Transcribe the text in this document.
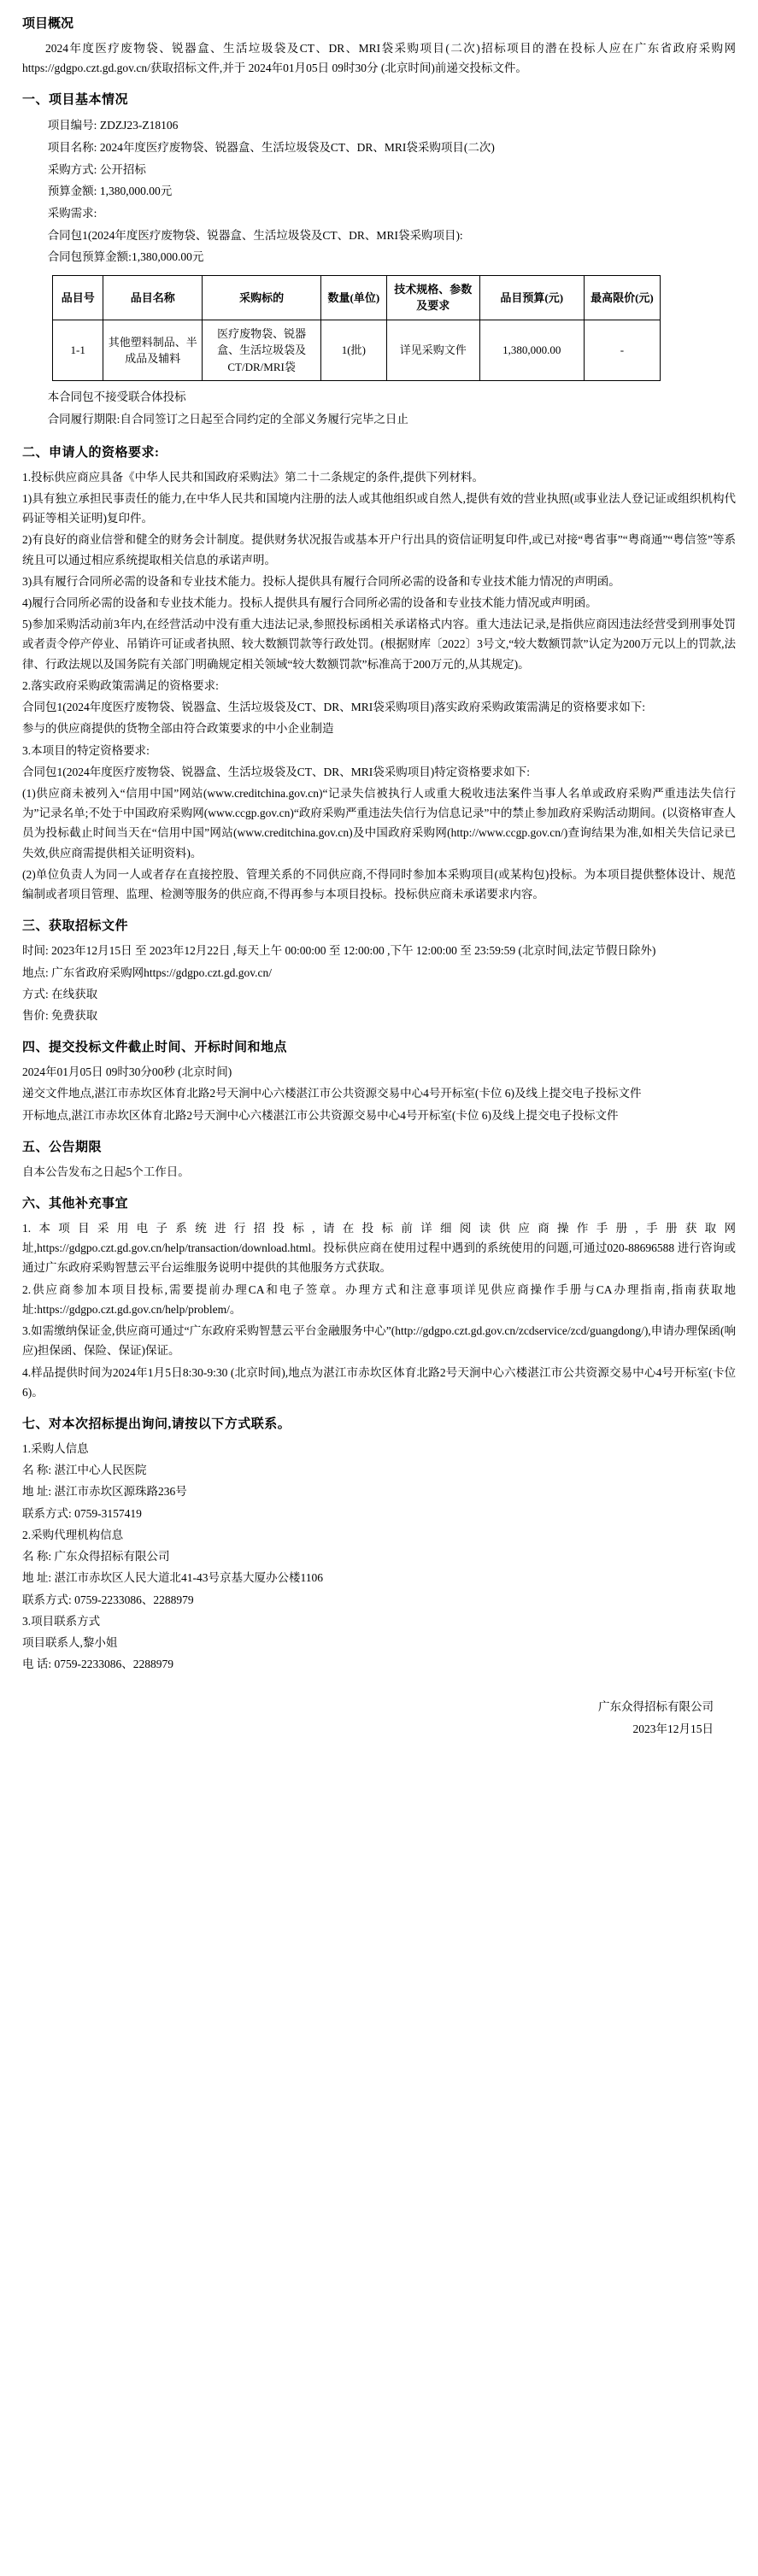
项目概况

2024年度医疗废物袋、锐器盒、生活垃圾袋及CT、DR、MRI袋采购项目(二次)招标项目的潜在投标人应在广东省政府采购网https://gdgpo.czt.gd.gov.cn/获取招标文件,并于 2024年01月05日 09时30分 (北京时间)前递交投标文件。

一、项目基本情况
项目编号: ZDZJ23-Z18106
项目名称: 2024年度医疗废物袋、锐器盒、生活垃圾袋及CT、DR、MRI袋采购项目(二次)
采购方式: 公开招标
预算金额: 1,380,000.00元
采购需求:
合同包1(2024年度医疗废物袋、锐器盒、生活垃圾袋及CT、DR、MRI袋采购项目):
合同包预算金额:1,380,000.00元
品目号	品目名称	采购标的	数量(单位)	技术规格、参数及要求	品目预算(元)	最高限价(元)
1-1	其他塑料制品、半成品及辅料	医疗废物袋、锐器盒、生活垃圾袋及CT/DR/MRI袋	1(批)	详见采购文件	1,380,000.00	-
本合同包不接受联合体投标
合同履行期限:自合同签订之日起至合同约定的全部义务履行完毕之日止
二、申请人的资格要求:

1.投标供应商应具备《中华人民共和国政府采购法》第二十二条规定的条件,提供下列材料。

1)具有独立承担民事责任的能力,在中华人民共和国境内注册的法人或其他组织或自然人,提供有效的营业执照(或事业法人登记证或组织机构代码证等相关证明)复印件。

2)有良好的商业信誉和健全的财务会计制度。提供财务状况报告或基本开户行出具的资信证明复印件,或已对接“粤省事”“粤商通”“粤信签”等系统且可以通过相应系统提取相关信息的承诺声明。

3)具有履行合同所必需的设备和专业技术能力。投标人提供具有履行合同所必需的设备和专业技术能力情况的声明函。

4)履行合同所必需的设备和专业技术能力。投标人提供具有履行合同所必需的设备和专业技术能力情况或声明函。

5)参加采购活动前3年内,在经营活动中没有重大违法记录,参照投标函相关承诺格式内容。重大违法记录,是指供应商因违法经营受到刑事处罚或者责令停产停业、吊销许可证或者执照、较大数额罚款等行政处罚。(根据财库〔2022〕3号文,“较大数额罚款”认定为200万元以上的罚款,法律、行政法规以及国务院有关部门明确规定相关领域“较大数额罚款”标准高于200万元的,从其规定)。

2.落实政府采购政策需满足的资格要求:

合同包1(2024年度医疗废物袋、锐器盒、生活垃圾袋及CT、DR、MRI袋采购项目)落实政府采购政策需满足的资格要求如下:

参与的供应商提供的货物全部由符合政策要求的中小企业制造

3.本项目的特定资格要求:

合同包1(2024年度医疗废物袋、锐器盒、生活垃圾袋及CT、DR、MRI袋采购项目)特定资格要求如下:

(1)供应商未被列入“信用中国”网站(www.creditchina.gov.cn)“记录失信被执行人或重大税收违法案件当事人名单或政府采购严重违法失信行为”记录名单;不处于中国政府采购网(www.ccgp.gov.cn)“政府采购严重违法失信行为信息记录”中的禁止参加政府采购活动期间。(以资格审查人员为投标截止时间当天在“信用中国”网站(www.creditchina.gov.cn)及中国政府采购网(http://www.ccgp.gov.cn/)查询结果为准,如相关失信记录已失效,供应商需提供相关证明资料)。

(2)单位负责人为同一人或者存在直接控股、管理关系的不同供应商,不得同时参加本采购项目(或某构包)投标。为本项目提供整体设计、规范编制或者项目管理、监理、检测等服务的供应商,不得再参与本项目投标。投标供应商未承诺要求内容。

三、获取招标文件

时间: 2023年12月15日 至 2023年12月22日 ,每天上午 00:00:00 至 12:00:00 ,下午 12:00:00 至 23:59:59 (北京时间,法定节假日除外)

地点: 广东省政府采购网https://gdgpo.czt.gd.gov.cn/

方式: 在线获取

售价: 免费获取

四、提交投标文件截止时间、开标时间和地点

2024年01月05日 09时30分00秒 (北京时间)

递交文件地点,湛江市赤坎区体育北路2号天涧中心六楼湛江市公共资源交易中心4号开标室(卡位 6)及线上提交电子投标文件

开标地点,湛江市赤坎区体育北路2号天涧中心六楼湛江市公共资源交易中心4号开标室(卡位 6)及线上提交电子投标文件

五、公告期限

自本公告发布之日起5个工作日。

六、其他补充事宜

1.本项目采用电子系统进行招投标,请在投标前详细阅读供应商操作手册,手册获取网址,https://gdgpo.czt.gd.gov.cn/help/transaction/download.html。投标供应商在使用过程中遇到的系统使用的问题,可通过020-88696588 进行咨询或通过广东政府采购智慧云平台运维服务说明中提供的其他服务方式获取。

2.供应商参加本项目投标,需要提前办理CA和电子签章。办理方式和注意事项详见供应商操作手册与CA办理指南,指南获取地址:https://gdgpo.czt.gd.gov.cn/help/problem/。

3.如需缴纳保证金,供应商可通过“广东政府采购智慧云平台金融服务中心”(http://gdgpo.czt.gd.gov.cn/zcdservice/zcd/guangdong/),申请办理保函(响应)担保函、保险、保证)保证。

4.样品提供时间为2024年1月5日8:30-9:30 (北京时间),地点为湛江市赤坎区体育北路2号天涧中心六楼湛江市公共资源交易中心4号开标室(卡位 6)。

七、对本次招标提出询问,请按以下方式联系。

1.采购人信息

名 称: 湛江中心人民医院

地 址: 湛江市赤坎区源珠路236号

联系方式: 0759-3157419

2.采购代理机构信息

名 称: 广东众得招标有限公司

地 址: 湛江市赤坎区人民大道北41-43号京基大厦办公楼1106

联系方式: 0759-2233086、2288979

3.项目联系方式

项目联系人,黎小姐

电 话: 0759-2233086、2288979

广东众得招标有限公司
2023年12月15日
